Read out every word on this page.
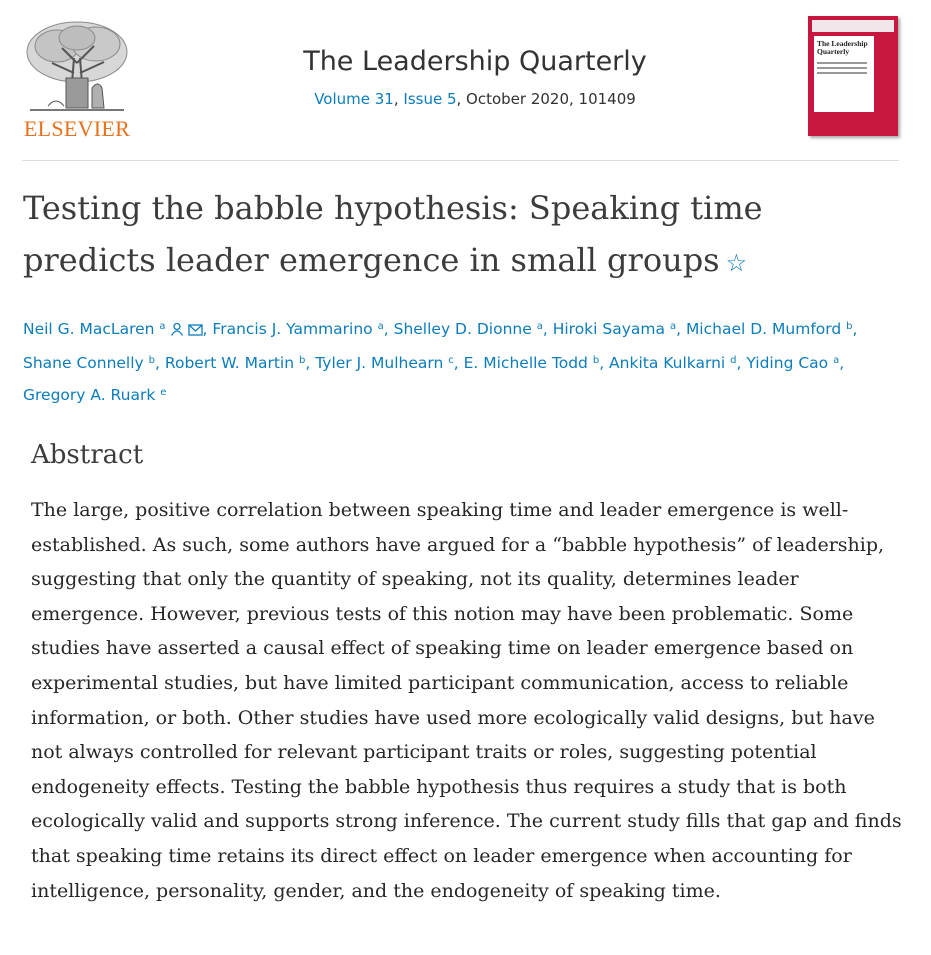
ELSEVIER
The Leadership Quarterly
Volume 31, Issue 5, October 2020, 101409
The Leadership Quarterly
Testing the babble hypothesis: Speaking time predicts leader emergence in small groups ☆
Neil G. MacLaren $^a$ , Francis J. Yammarino $^a$, Shelley D. Dionne $^a$, Hiroki Sayama $^a$, Michael D. Mumford $^b$, Shane Connelly $^b$, Robert W. Martin $^b$, Tyler J. Mulhearn $^c$, E. Michelle Todd $^b$, Ankita Kulkarni $^d$, Yiding Cao $^a$, Gregory A. Ruark $^e$
Abstract

The large, positive correlation between speaking time and leader emergence is well-established. As such, some authors have argued for a “babble hypothesis” of leadership, suggesting that only the quantity of speaking, not its quality, determines leader emergence. However, previous tests of this notion may have been problematic. Some studies have asserted a causal effect of speaking time on leader emergence based on experimental studies, but have limited participant communication, access to reliable information, or both. Other studies have used more ecologically valid designs, but have not always controlled for relevant participant traits or roles, suggesting potential endogeneity effects. Testing the babble hypothesis thus requires a study that is both ecologically valid and supports strong inference. The current study fills that gap and finds that speaking time retains its direct effect on leader emergence when accounting for intelligence, personality, gender, and the endogeneity of speaking time.
